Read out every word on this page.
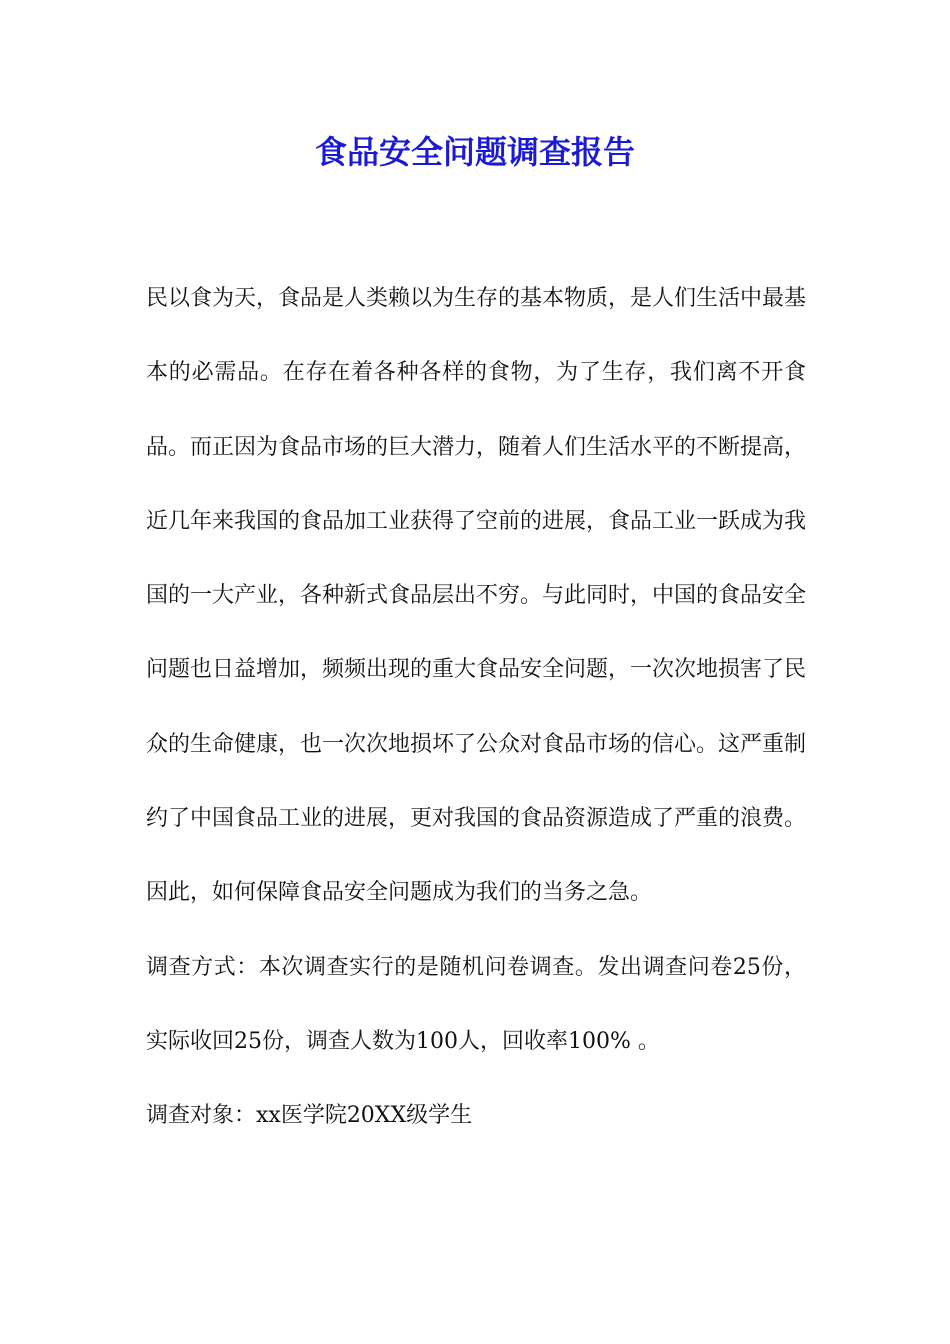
食品安全问题调查报告

民以食为天，食品是人类赖以为生存的基本物质，是人们生活中最基本的必需品。在存在着各种各样的食物，为了生存，我们离不开食品。而正因为食品市场的巨大潜力，随着人们生活水平的不断提高，近几年来我国的食品加工业获得了空前的进展，食品工业一跃成为我国的一大产业，各种新式食品层出不穷。与此同时，中国的食品安全问题也日益增加，频频出现的重大食品安全问题，一次次地损害了民众的生命健康，也一次次地损坏了公众对食品市场的信心。这严重制约了中国食品工业的进展，更对我国的食品资源造成了严重的浪费。因此，如何保障食品安全问题成为我们的当务之急。

调查方式：本次调查实行的是随机问卷调查。发出调查问卷25份，实际收回25份，调查人数为100人，回收率100% 。

调查对象：xx医学院20XX级学生
